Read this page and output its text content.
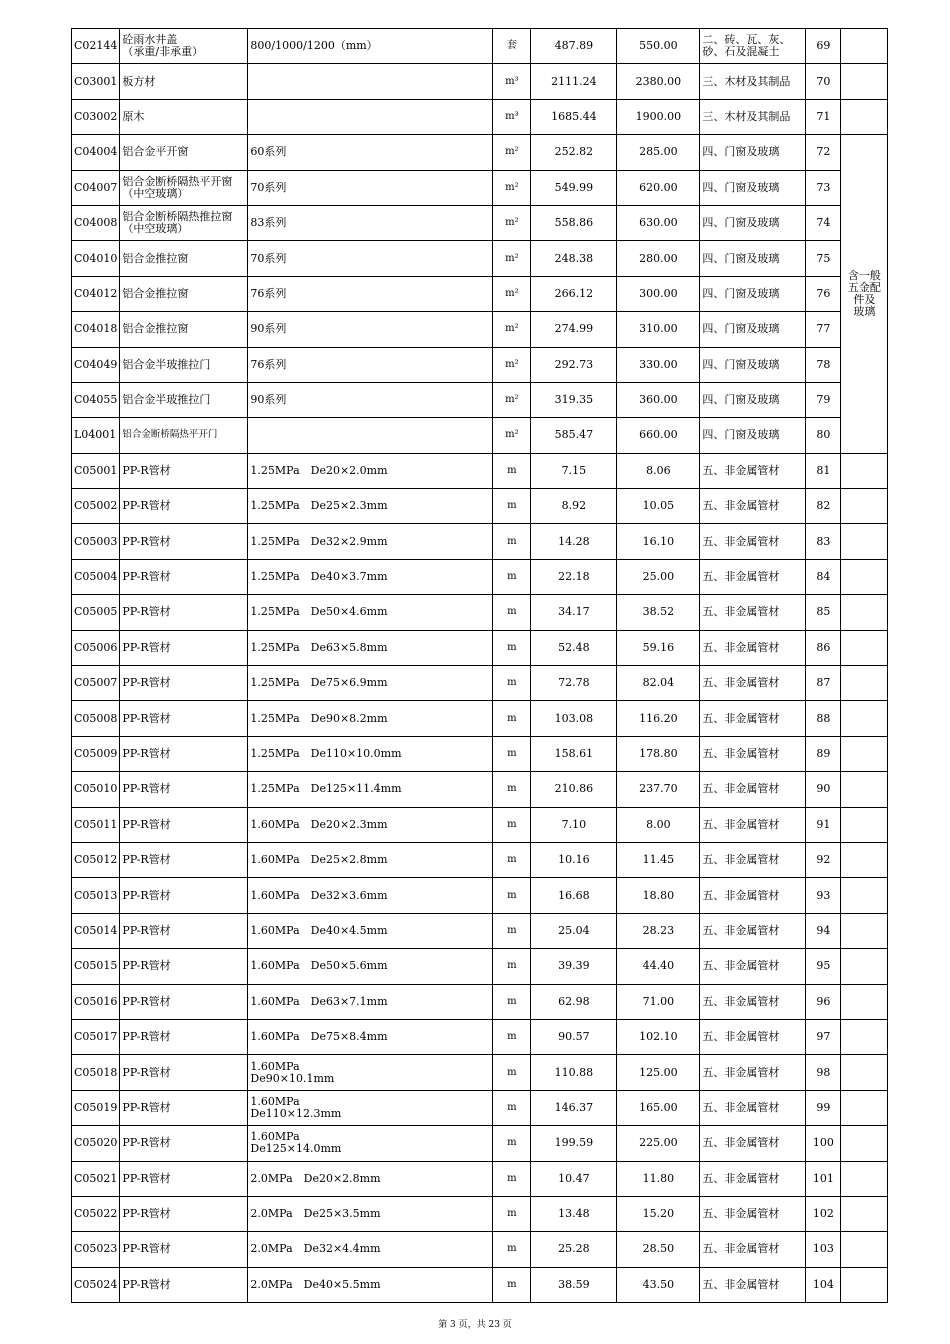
C02144	砼雨水井盖
（承重/非承重）	800/1000/1200（mm）	套	487.89	550.00	二、砖、瓦、灰、
砂、石及混凝土	69	
C03001	板方材		m³	2111.24	2380.00	三、木材及其制品	70	
C03002	原木		m³	1685.44	1900.00	三、木材及其制品	71	
C04004	铝合金平开窗	60系列	m²	252.82	285.00	四、门窗及玻璃	72	含一般
五金配
件及
玻璃
C04007	铝合金断桥隔热平开窗
（中空玻璃）	70系列	m²	549.99	620.00	四、门窗及玻璃	73	
C04008	铝合金断桥隔热推拉窗
（中空玻璃）	83系列	m²	558.86	630.00	四、门窗及玻璃	74	
C04010	铝合金推拉窗	70系列	m²	248.38	280.00	四、门窗及玻璃	75	
C04012	铝合金推拉窗	76系列	m²	266.12	300.00	四、门窗及玻璃	76	
C04018	铝合金推拉窗	90系列	m²	274.99	310.00	四、门窗及玻璃	77	
C04049	铝合金半玻推拉门	76系列	m²	292.73	330.00	四、门窗及玻璃	78	
C04055	铝合金半玻推拉门	90系列	m²	319.35	360.00	四、门窗及玻璃	79	
L04001	铝合金断桥隔热平开门		m²	585.47	660.00	四、门窗及玻璃	80	
C05001	PP-R管材	1.25MPa　De20×2.0mm	m	7.15	8.06	五、非金属管材	81	
C05002	PP-R管材	1.25MPa　De25×2.3mm	m	8.92	10.05	五、非金属管材	82	
C05003	PP-R管材	1.25MPa　De32×2.9mm	m	14.28	16.10	五、非金属管材	83	
C05004	PP-R管材	1.25MPa　De40×3.7mm	m	22.18	25.00	五、非金属管材	84	
C05005	PP-R管材	1.25MPa　De50×4.6mm	m	34.17	38.52	五、非金属管材	85	
C05006	PP-R管材	1.25MPa　De63×5.8mm	m	52.48	59.16	五、非金属管材	86	
C05007	PP-R管材	1.25MPa　De75×6.9mm	m	72.78	82.04	五、非金属管材	87	
C05008	PP-R管材	1.25MPa　De90×8.2mm	m	103.08	116.20	五、非金属管材	88	
C05009	PP-R管材	1.25MPa　De110×10.0mm	m	158.61	178.80	五、非金属管材	89	
C05010	PP-R管材	1.25MPa　De125×11.4mm	m	210.86	237.70	五、非金属管材	90	
C05011	PP-R管材	1.60MPa　De20×2.3mm	m	7.10	8.00	五、非金属管材	91	
C05012	PP-R管材	1.60MPa　De25×2.8mm	m	10.16	11.45	五、非金属管材	92	
C05013	PP-R管材	1.60MPa　De32×3.6mm	m	16.68	18.80	五、非金属管材	93	
C05014	PP-R管材	1.60MPa　De40×4.5mm	m	25.04	28.23	五、非金属管材	94	
C05015	PP-R管材	1.60MPa　De50×5.6mm	m	39.39	44.40	五、非金属管材	95	
C05016	PP-R管材	1.60MPa　De63×7.1mm	m	62.98	71.00	五、非金属管材	96	
C05017	PP-R管材	1.60MPa　De75×8.4mm	m	90.57	102.10	五、非金属管材	97	
C05018	PP-R管材	1.60MPa
De90×10.1mm	m	110.88	125.00	五、非金属管材	98	
C05019	PP-R管材	1.60MPa
De110×12.3mm	m	146.37	165.00	五、非金属管材	99	
C05020	PP-R管材	1.60MPa
De125×14.0mm	m	199.59	225.00	五、非金属管材	100	
C05021	PP-R管材	2.0MPa　De20×2.8mm	m	10.47	11.80	五、非金属管材	101	
C05022	PP-R管材	2.0MPa　De25×3.5mm	m	13.48	15.20	五、非金属管材	102	
C05023	PP-R管材	2.0MPa　De32×4.4mm	m	25.28	28.50	五、非金属管材	103	
C05024	PP-R管材	2.0MPa　De40×5.5mm	m	38.59	43.50	五、非金属管材	104	
第 3 页，共 23 页
